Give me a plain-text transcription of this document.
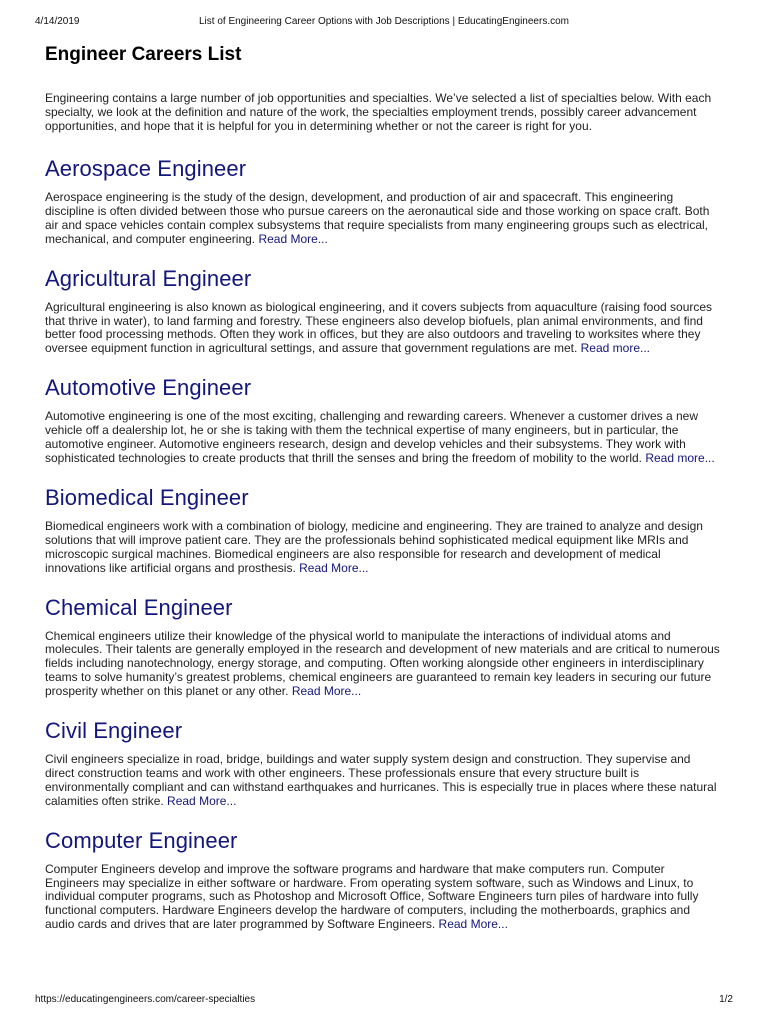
4/14/2019	List of Engineering Career Options with Job Descriptions | EducatingEngineers.com
Engineer Careers List

Engineering contains a large number of job opportunities and specialties. We’ve selected a list of specialties below. With each specialty, we look at the definition and nature of the work, the specialties employment trends, possibly career advancement opportunities, and hope that it is helpful for you in determining whether or not the career is right for you.

Aerospace Engineer

Aerospace engineering is the study of the design, development, and production of air and spacecraft. This engineering discipline is often divided between those who pursue careers on the aeronautical side and those working on space craft. Both air and space vehicles contain complex subsystems that require specialists from many engineering groups such as electrical, mechanical, and computer engineering. Read More...

Agricultural Engineer

Agricultural engineering is also known as biological engineering, and it covers subjects from aquaculture (raising food sources that thrive in water), to land farming and forestry. These engineers also develop biofuels, plan animal environments, and find better food processing methods. Often they work in offices, but they are also outdoors and traveling to worksites where they oversee equipment function in agricultural settings, and assure that government regulations are met. Read more...

Automotive Engineer

Automotive engineering is one of the most exciting, challenging and rewarding careers. Whenever a customer drives a new vehicle off a dealership lot, he or she is taking with them the technical expertise of many engineers, but in particular, the automotive engineer. Automotive engineers research, design and develop vehicles and their subsystems. They work with sophisticated technologies to create products that thrill the senses and bring the freedom of mobility to the world. Read more...

Biomedical Engineer

Biomedical engineers work with a combination of biology, medicine and engineering. They are trained to analyze and design solutions that will improve patient care. They are the professionals behind sophisticated medical equipment like MRIs and microscopic surgical machines. Biomedical engineers are also responsible for research and development of medical innovations like artificial organs and prosthesis. Read More...

Chemical Engineer

Chemical engineers utilize their knowledge of the physical world to manipulate the interactions of individual atoms and molecules. Their talents are generally employed in the research and development of new materials and are critical to numerous fields including nanotechnology, energy storage, and computing. Often working alongside other engineers in interdisciplinary teams to solve humanity’s greatest problems, chemical engineers are guaranteed to remain key leaders in securing our future prosperity whether on this planet or any other. Read More...

Civil Engineer

Civil engineers specialize in road, bridge, buildings and water supply system design and construction. They supervise and direct construction teams and work with other engineers. These professionals ensure that every structure built is environmentally compliant and can withstand earthquakes and hurricanes. This is especially true in places where these natural calamities often strike. Read More...

Computer Engineer

Computer Engineers develop and improve the software programs and hardware that make computers run. Computer Engineers may specialize in either software or hardware. From operating system software, such as Windows and Linux, to individual computer programs, such as Photoshop and Microsoft Office, Software Engineers turn piles of hardware into fully functional computers. Hardware Engineers develop the hardware of computers, including the motherboards, graphics and audio cards and drives that are later programmed by Software Engineers. Read More...

https://educatingengineers.com/career-specialties	1/2
